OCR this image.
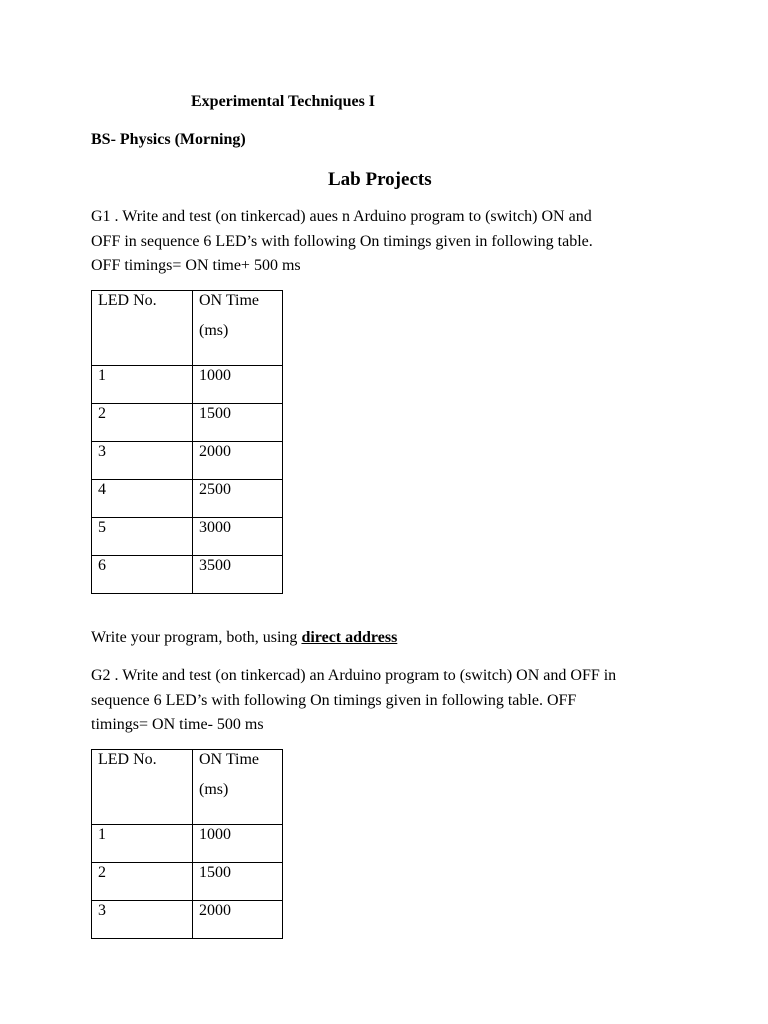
Experimental Techniques I
BS- Physics (Morning)
Lab Projects
G1 . Write and test (on tinkercad) aues n Arduino program to (switch) ON and
OFF in sequence 6 LED’s with following On timings given in following table.
OFF timings= ON time+ 500 ms
LED No.	ON Time
(ms)

1	1000
2	1500
3	2000
4	2500
5	3000
6	3500
Write your program, both, using direct address
G2 . Write and test (on tinkercad) an Arduino program to (switch) ON and OFF in
sequence 6 LED’s with following On timings given in following table. OFF
timings= ON time- 500 ms
LED No.	ON Time
(ms)

1	1000
2	1500
3	2000
